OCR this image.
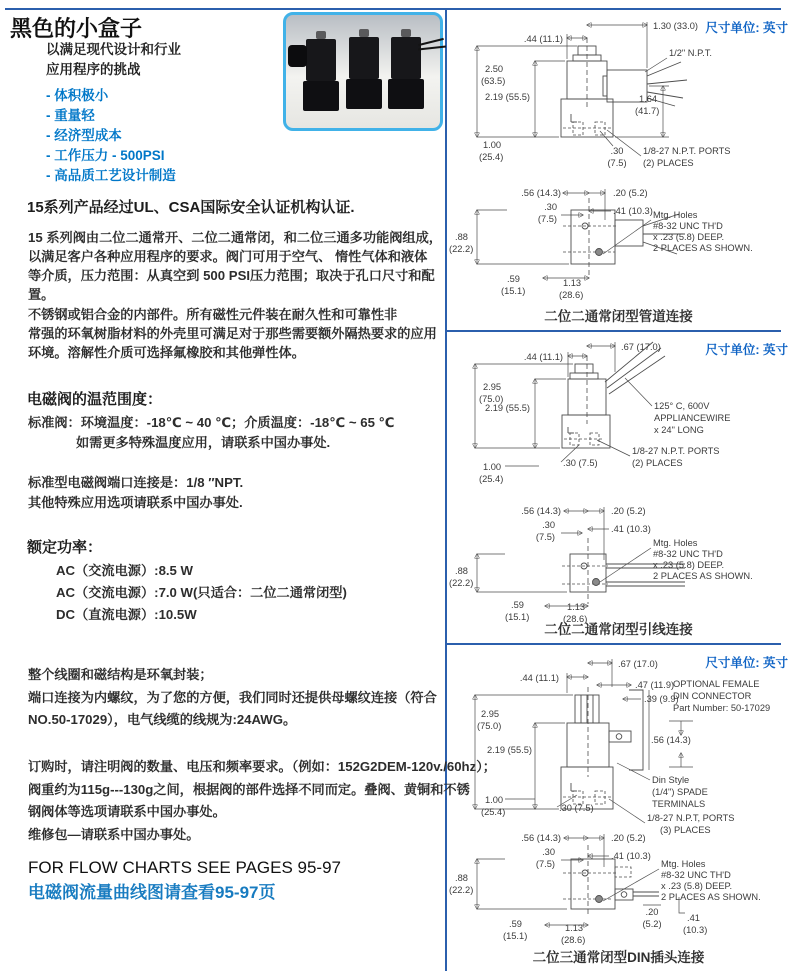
黑色的小盒子
以满足现代设计和行业
应用程序的挑战
- 体积极小
- 重量轻
- 经济型成本
- 工作压力 - 500PSI
- 高品质工艺设计制造
15系列产品经过UL、CSA国际安全认证机构认证.
15 系列阀由二位二通常开、二位二通常闭，和二位三通多功能阀组成，
以满足客户各种应用程序的要求。阀门可用于空气、 惰性气体和液体
等介质，压力范围：从真空到 500 PSI压力范围；取决于孔口尺寸和配
置。
不锈钢或铝合金的内部件。所有磁性元件装在耐久性和可靠性非
常强的环氧树脂材料的外壳里可满足对于那些需要额外隔热要求的应用
环境。溶解性介质可选择氟橡胶和其他弹性体。
电磁阀的温范围度：
标准阀：环境温度：-18℃ ~ 40 ℃；介质温度：-18℃ ~ 65 ℃
如需更多特殊温度应用，请联系中国办事处.
标准型电磁阀端口连接是：1/8 ″NPT.
其他特殊应用选项请联系中国办事处.
额定功率：
AC（交流电源）:8.5 W
AC（交流电源）:7.0 W(只适合：二位二通常闭型)
DC（直流电源）:10.5W
整个线圈和磁结构是环氧封装；
端口连接为内螺纹，为了您的方便，我们同时还提供母螺纹连接（符合
NO.50-17029），电气线缆的线规为:24AWG。
订购时，请注明阀的数量、电压和频率要求。（例如：152G2DEM-120v./60hz）；
阀重约为115g---130g之间，根据阀的部件选择不同而定。叠阀、黄铜和不锈
钢阀体等选项请联系中国办事处。
维修包—请联系中国办事处。
FOR FLOW CHARTS SEE PAGES 95-97
电磁阀流量曲线图请查看95-97页
尺寸单位: 英寸
1.30 (33.0)
.44 (11.1)
1/2" N.P.T.
2.50
(63.5)
2.19 (55.5)	1.64
(41.7)
1.00
(25.4)
.30
(7.5)
1/8-27 N.P.T. PORTS
(2) PLACES
.56 (14.3)	.20 (5.2)
.30
(7.5)
.41 (10.3)
.88
(22.2)
.59
(15.1)
1.13
(28.6)
Mtg. Holes
#8-32 UNC TH'D
x .23 (5.8) DEEP.
2 PLACES AS SHOWN.
二位二通常闭型管道连接
尺寸单位: 英寸
.67 (17.0)
.44 (11.1)
2.95
(75.0)
2.19 (55.5)
1.00
(25.4)
.30 (7.5)
125° C, 600V
APPLIANCEWIRE
x 24" LONG
1/8-27 N.P.T. PORTS
(2) PLACES
.56 (14.3)	.20 (5.2)
.30
(7.5)
.41 (10.3)
.88
(22.2)
.59
(15.1)
1.13
(28.6)
Mtg. Holes
#8-32 UNC TH'D
x .23 (5.8) DEEP.
2 PLACES AS SHOWN.
二位二通常闭型引线连接
尺寸单位: 英寸
.67 (17.0)
.44 (11.1)
.47 (11.9)
.39 (9.9)
2.95
(75.0)
2.19 (55.5)
.56 (14.3)
OPTIONAL FEMALE
DIN CONNECTOR
Part Number: 50-17029
1.00
(25.4)	.30 (7.5)
Din Style
(1/4") SPADE
TERMINALS
1/8-27 N.P.T, PORTS
(3) PLACES
.56 (14.3)	.20 (5.2)
.30
(7.5)
.41 (10.3)
.88
(22.2)
.59
(15.1)
1.13
(28.6)
.20
(5.2)
.41
(10.3)
Mtg. Holes
#8-32 UNC TH'D
x .23 (5.8) DEEP.
2 PLACES AS SHOWN.
二位三通常闭型DIN插头连接
